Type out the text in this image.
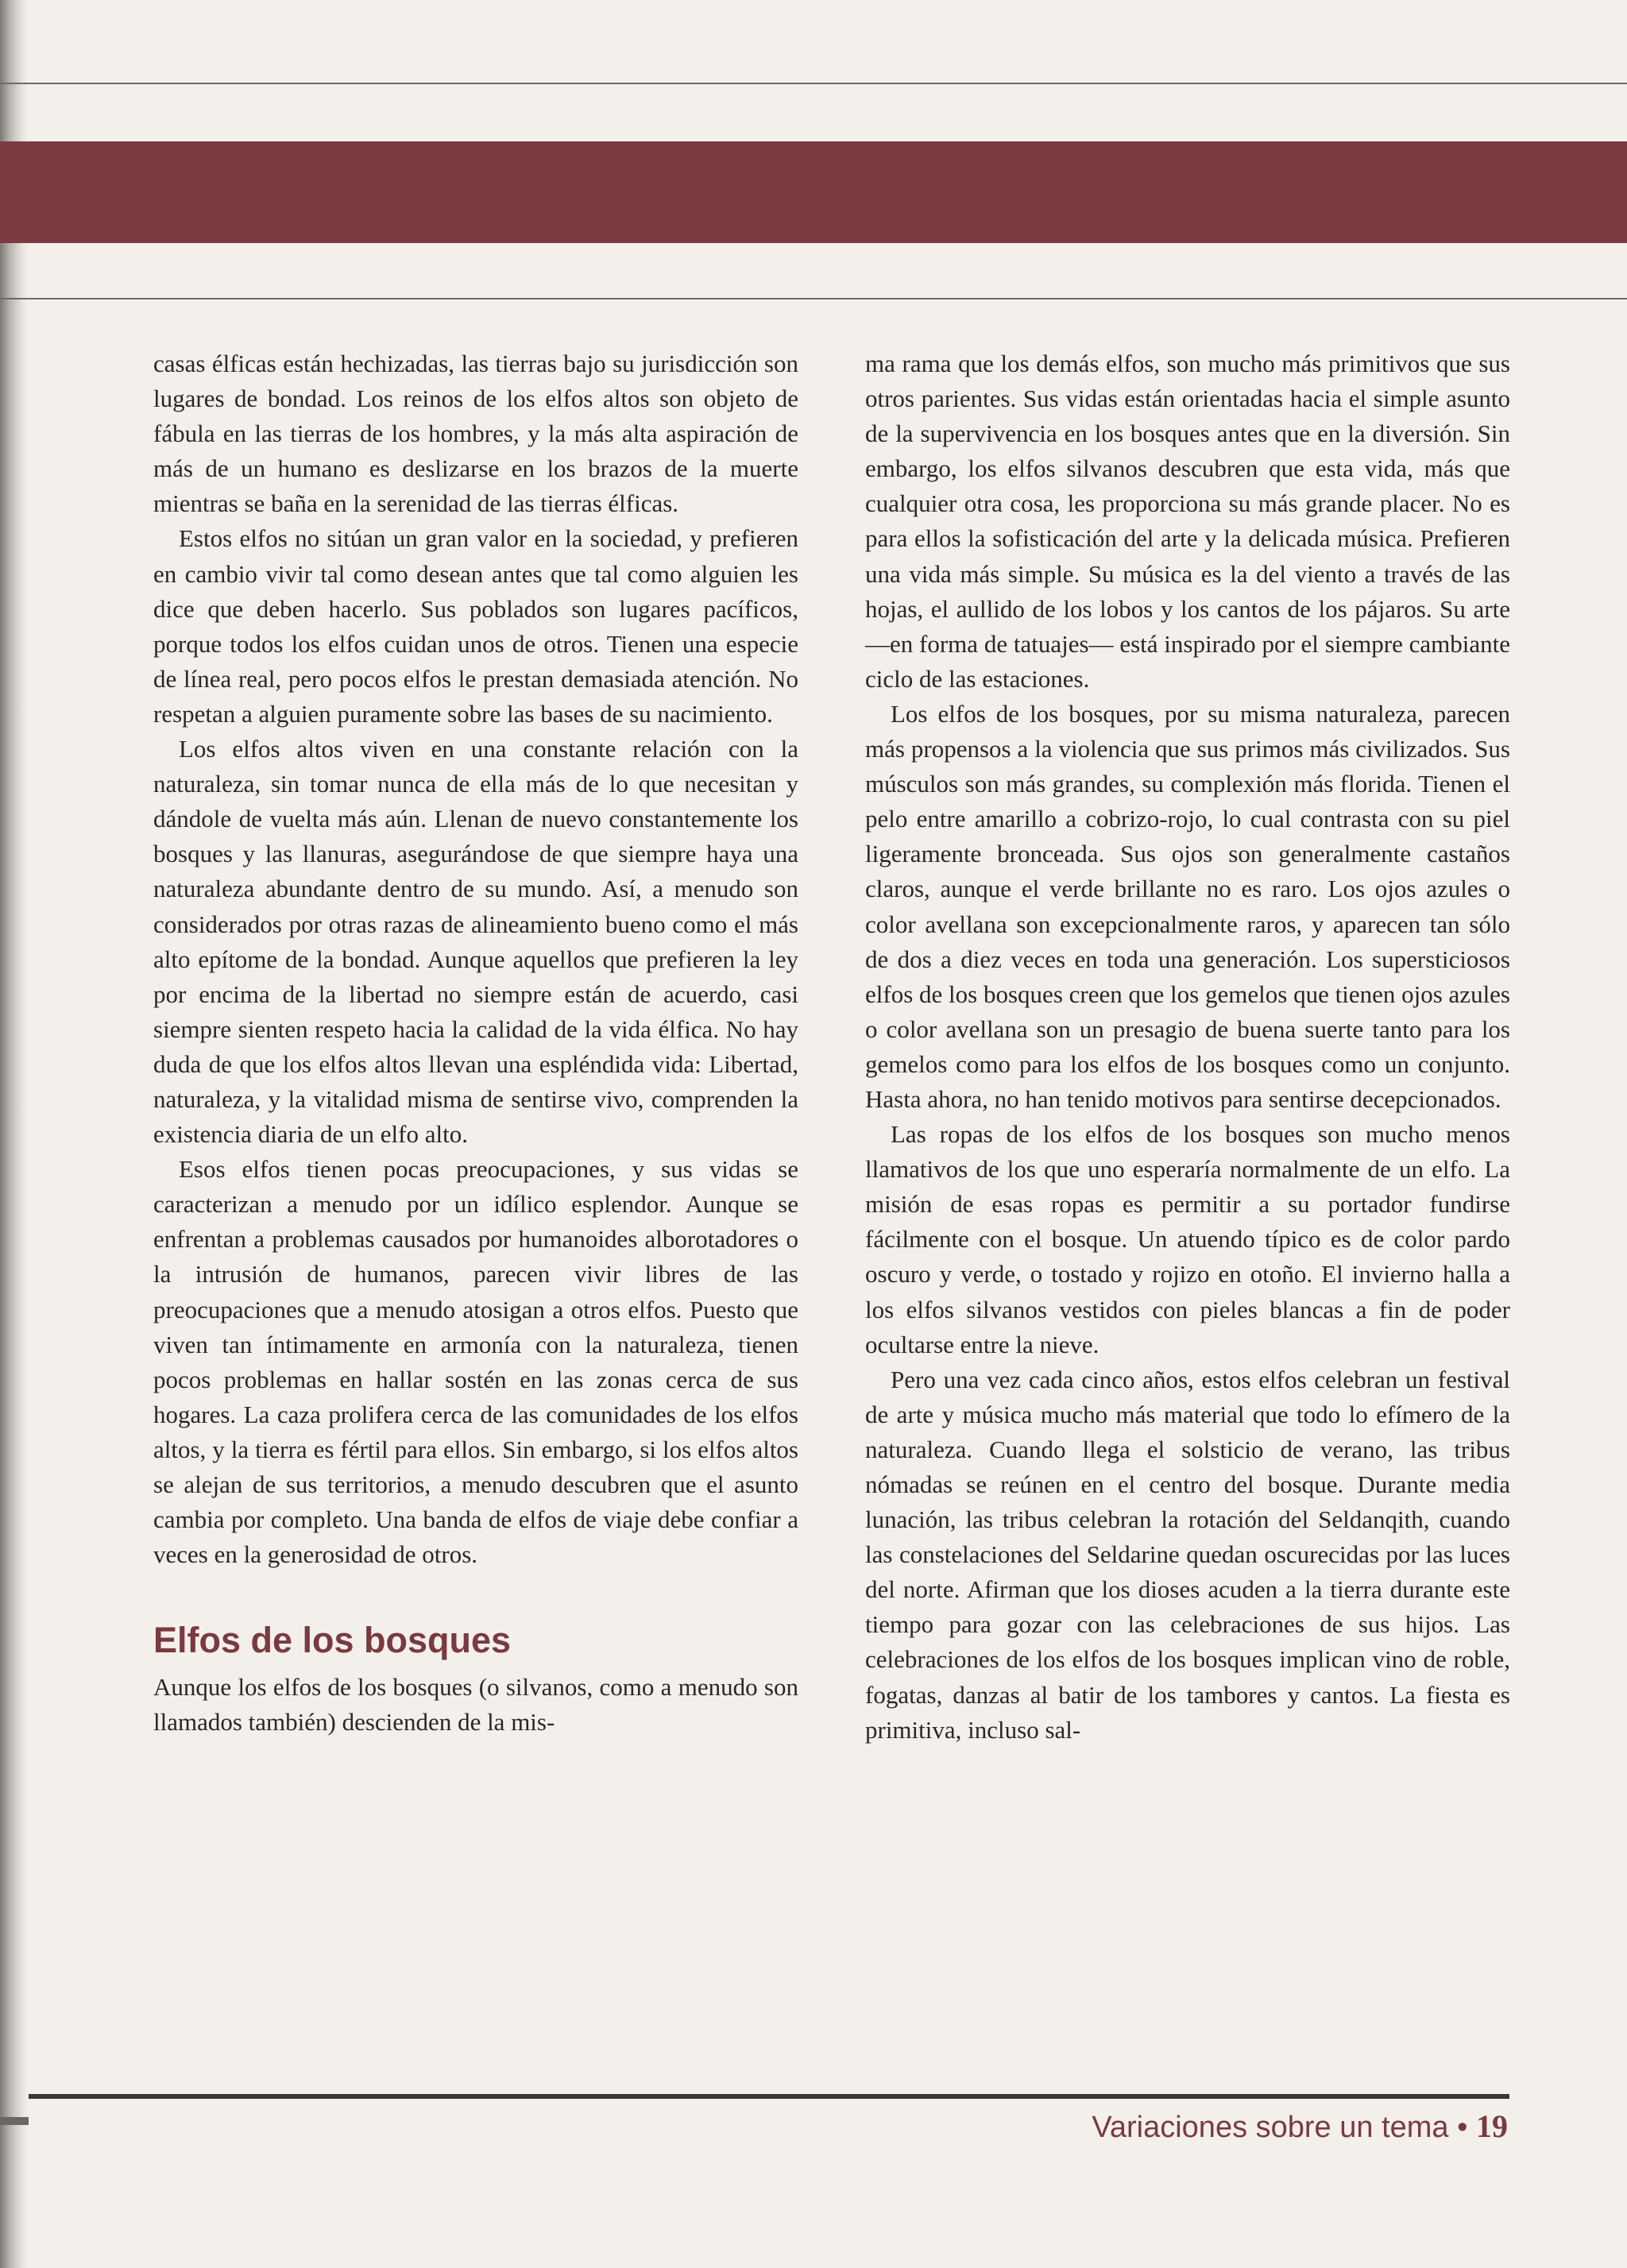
casas élficas están hechizadas, las tierras bajo su jurisdicción son lugares de bondad. Los reinos de los elfos altos son objeto de fábula en las tierras de los hombres, y la más alta aspiración de más de un humano es deslizarse en los brazos de la muerte mientras se baña en la serenidad de las tierras élficas.

Estos elfos no sitúan un gran valor en la sociedad, y prefieren en cambio vivir tal como desean antes que tal como alguien les dice que deben hacerlo. Sus poblados son lugares pacíficos, porque todos los elfos cuidan unos de otros. Tienen una especie de línea real, pero pocos elfos le prestan demasiada atención. No respetan a alguien puramente sobre las bases de su nacimiento.

Los elfos altos viven en una constante relación con la naturaleza, sin tomar nunca de ella más de lo que necesitan y dándole de vuelta más aún. Llenan de nuevo constantemente los bosques y las llanuras, asegurándose de que siempre haya una naturaleza abundante dentro de su mundo. Así, a menudo son considerados por otras razas de alineamiento bueno como el más alto epítome de la bondad. Aunque aquellos que prefieren la ley por encima de la libertad no siempre están de acuerdo, casi siempre sienten respeto hacia la calidad de la vida élfica. No hay duda de que los elfos altos llevan una espléndida vida: Libertad, naturaleza, y la vitalidad misma de sentirse vivo, comprenden la existencia diaria de un elfo alto.

Esos elfos tienen pocas preocupaciones, y sus vidas se caracterizan a menudo por un idílico esplendor. Aunque se enfrentan a problemas causados por humanoides alborotadores o la intrusión de humanos, parecen vivir libres de las preocupaciones que a menudo atosigan a otros elfos. Puesto que viven tan íntimamente en armonía con la naturaleza, tienen pocos problemas en hallar sostén en las zonas cerca de sus hogares. La caza prolifera cerca de las comunidades de los elfos altos, y la tierra es fértil para ellos. Sin embargo, si los elfos altos se alejan de sus territorios, a menudo descubren que el asunto cambia por completo. Una banda de elfos de viaje debe confiar a veces en la generosidad de otros.

Elfos de los bosques

Aunque los elfos de los bosques (o silvanos, como a menudo son llamados también) descienden de la mis-

ma rama que los demás elfos, son mucho más primitivos que sus otros parientes. Sus vidas están orientadas hacia el simple asunto de la supervivencia en los bosques antes que en la diversión. Sin embargo, los elfos silvanos descubren que esta vida, más que cualquier otra cosa, les proporciona su más grande placer. No es para ellos la sofisticación del arte y la delicada música. Prefieren una vida más simple. Su música es la del viento a través de las hojas, el aullido de los lobos y los cantos de los pájaros. Su arte —en forma de tatuajes— está inspirado por el siempre cambiante ciclo de las estaciones.

Los elfos de los bosques, por su misma naturaleza, parecen más propensos a la violencia que sus primos más civilizados. Sus músculos son más grandes, su complexión más florida. Tienen el pelo entre amarillo a cobrizo-rojo, lo cual contrasta con su piel ligeramente bronceada. Sus ojos son generalmente castaños claros, aunque el verde brillante no es raro. Los ojos azules o color avellana son excepcionalmente raros, y aparecen tan sólo de dos a diez veces en toda una generación. Los supersticiosos elfos de los bosques creen que los gemelos que tienen ojos azules o color avellana son un presagio de buena suerte tanto para los gemelos como para los elfos de los bosques como un conjunto. Hasta ahora, no han tenido motivos para sentirse decepcionados.

Las ropas de los elfos de los bosques son mucho menos llamativos de los que uno esperaría normalmente de un elfo. La misión de esas ropas es permitir a su portador fundirse fácilmente con el bosque. Un atuendo típico es de color pardo oscuro y verde, o tostado y rojizo en otoño. El invierno halla a los elfos silvanos vestidos con pieles blancas a fin de poder ocultarse entre la nieve.

Pero una vez cada cinco años, estos elfos celebran un festival de arte y música mucho más material que todo lo efímero de la naturaleza. Cuando llega el solsticio de verano, las tribus nómadas se reúnen en el centro del bosque. Durante media lunación, las tribus celebran la rotación del Seldanqith, cuando las constelaciones del Seldarine quedan oscurecidas por las luces del norte. Afirman que los dioses acuden a la tierra durante este tiempo para gozar con las celebraciones de sus hijos. Las celebraciones de los elfos de los bosques implican vino de roble, fogatas, danzas al batir de los tambores y cantos. La fiesta es primitiva, incluso sal-

Variaciones sobre un tema • 19
